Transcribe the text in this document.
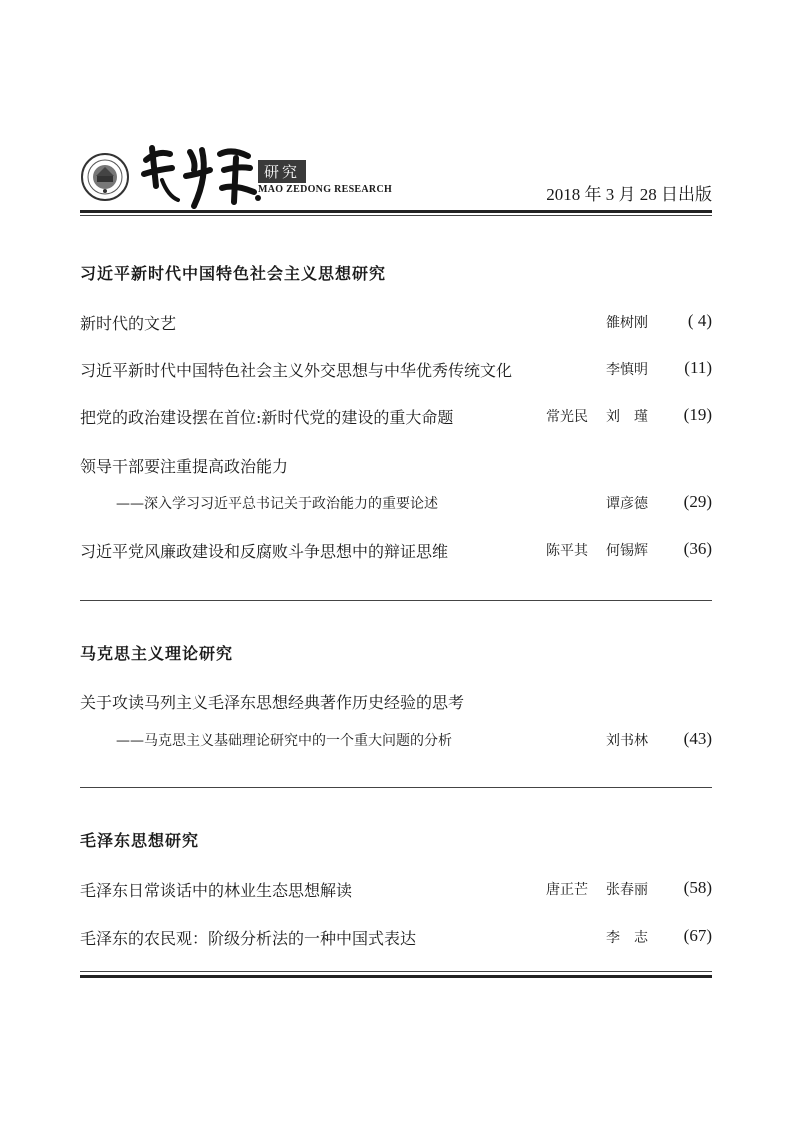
研究
MAO ZEDONG RESEARCH	2018 年 3 月 28 日出版
习近平新时代中国特色社会主义思想研究
新时代的文艺	雒树刚 ( 4)
习近平新时代中国特色社会主义外交思想与中华优秀传统文化	李慎明 (11)
把党的政治建设摆在首位:新时代党的建设的重大命题	常光民 刘　瑾 (19)
领导干部要注重提高政治能力
——深入学习习近平总书记关于政治能力的重要论述	谭彦德 (29)
习近平党风廉政建设和反腐败斗争思想中的辩证思维	陈平其 何锡辉 (36)
马克思主义理论研究
关于攻读马列主义毛泽东思想经典著作历史经验的思考
——马克思主义基础理论研究中的一个重大问题的分析	刘书林 (43)
毛泽东思想研究
毛泽东日常谈话中的林业生态思想解读	唐正芒 张春丽 (58)
毛泽东的农民观：阶级分析法的一种中国式表达	李　志 (67)
